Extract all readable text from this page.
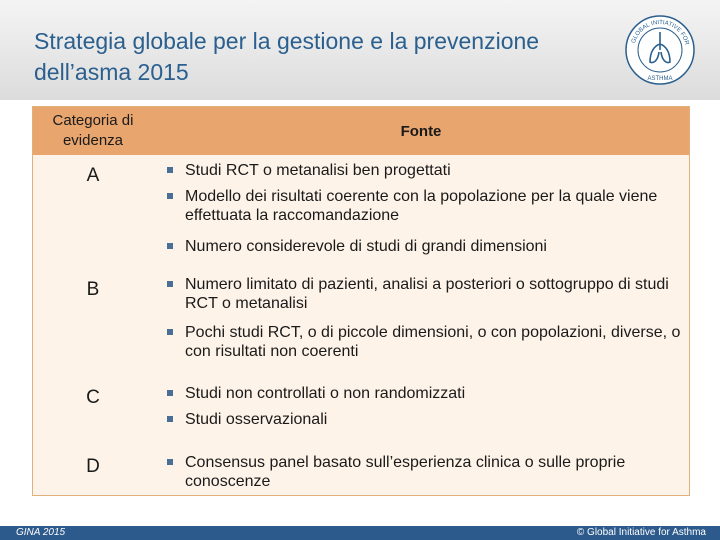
Strategia globale per la gestione e la prevenzione dell’asma 2015
GLOBAL INITIATIVE FOR
ASTHMA
Categoria di evidenza
Fonte
A	Studi RCT o metanalisi ben progettati
Modello dei risultati coerente con la popolazione per la quale viene effettuata la raccomandazione
Numero considerevole di studi di grandi dimensioni
B	Numero limitato di pazienti, analisi a posteriori o sottogruppo di studi RCT o metanalisi
Pochi studi RCT, o di piccole dimensioni, o con popolazioni, diverse, o con risultati non coerenti
C	Studi non controllati o non randomizzati
Studi osservazionali
D	Consensus panel basato sull’esperienza clinica o sulle proprie conoscenze
GINA 2015	© Global Initiative for Asthma
